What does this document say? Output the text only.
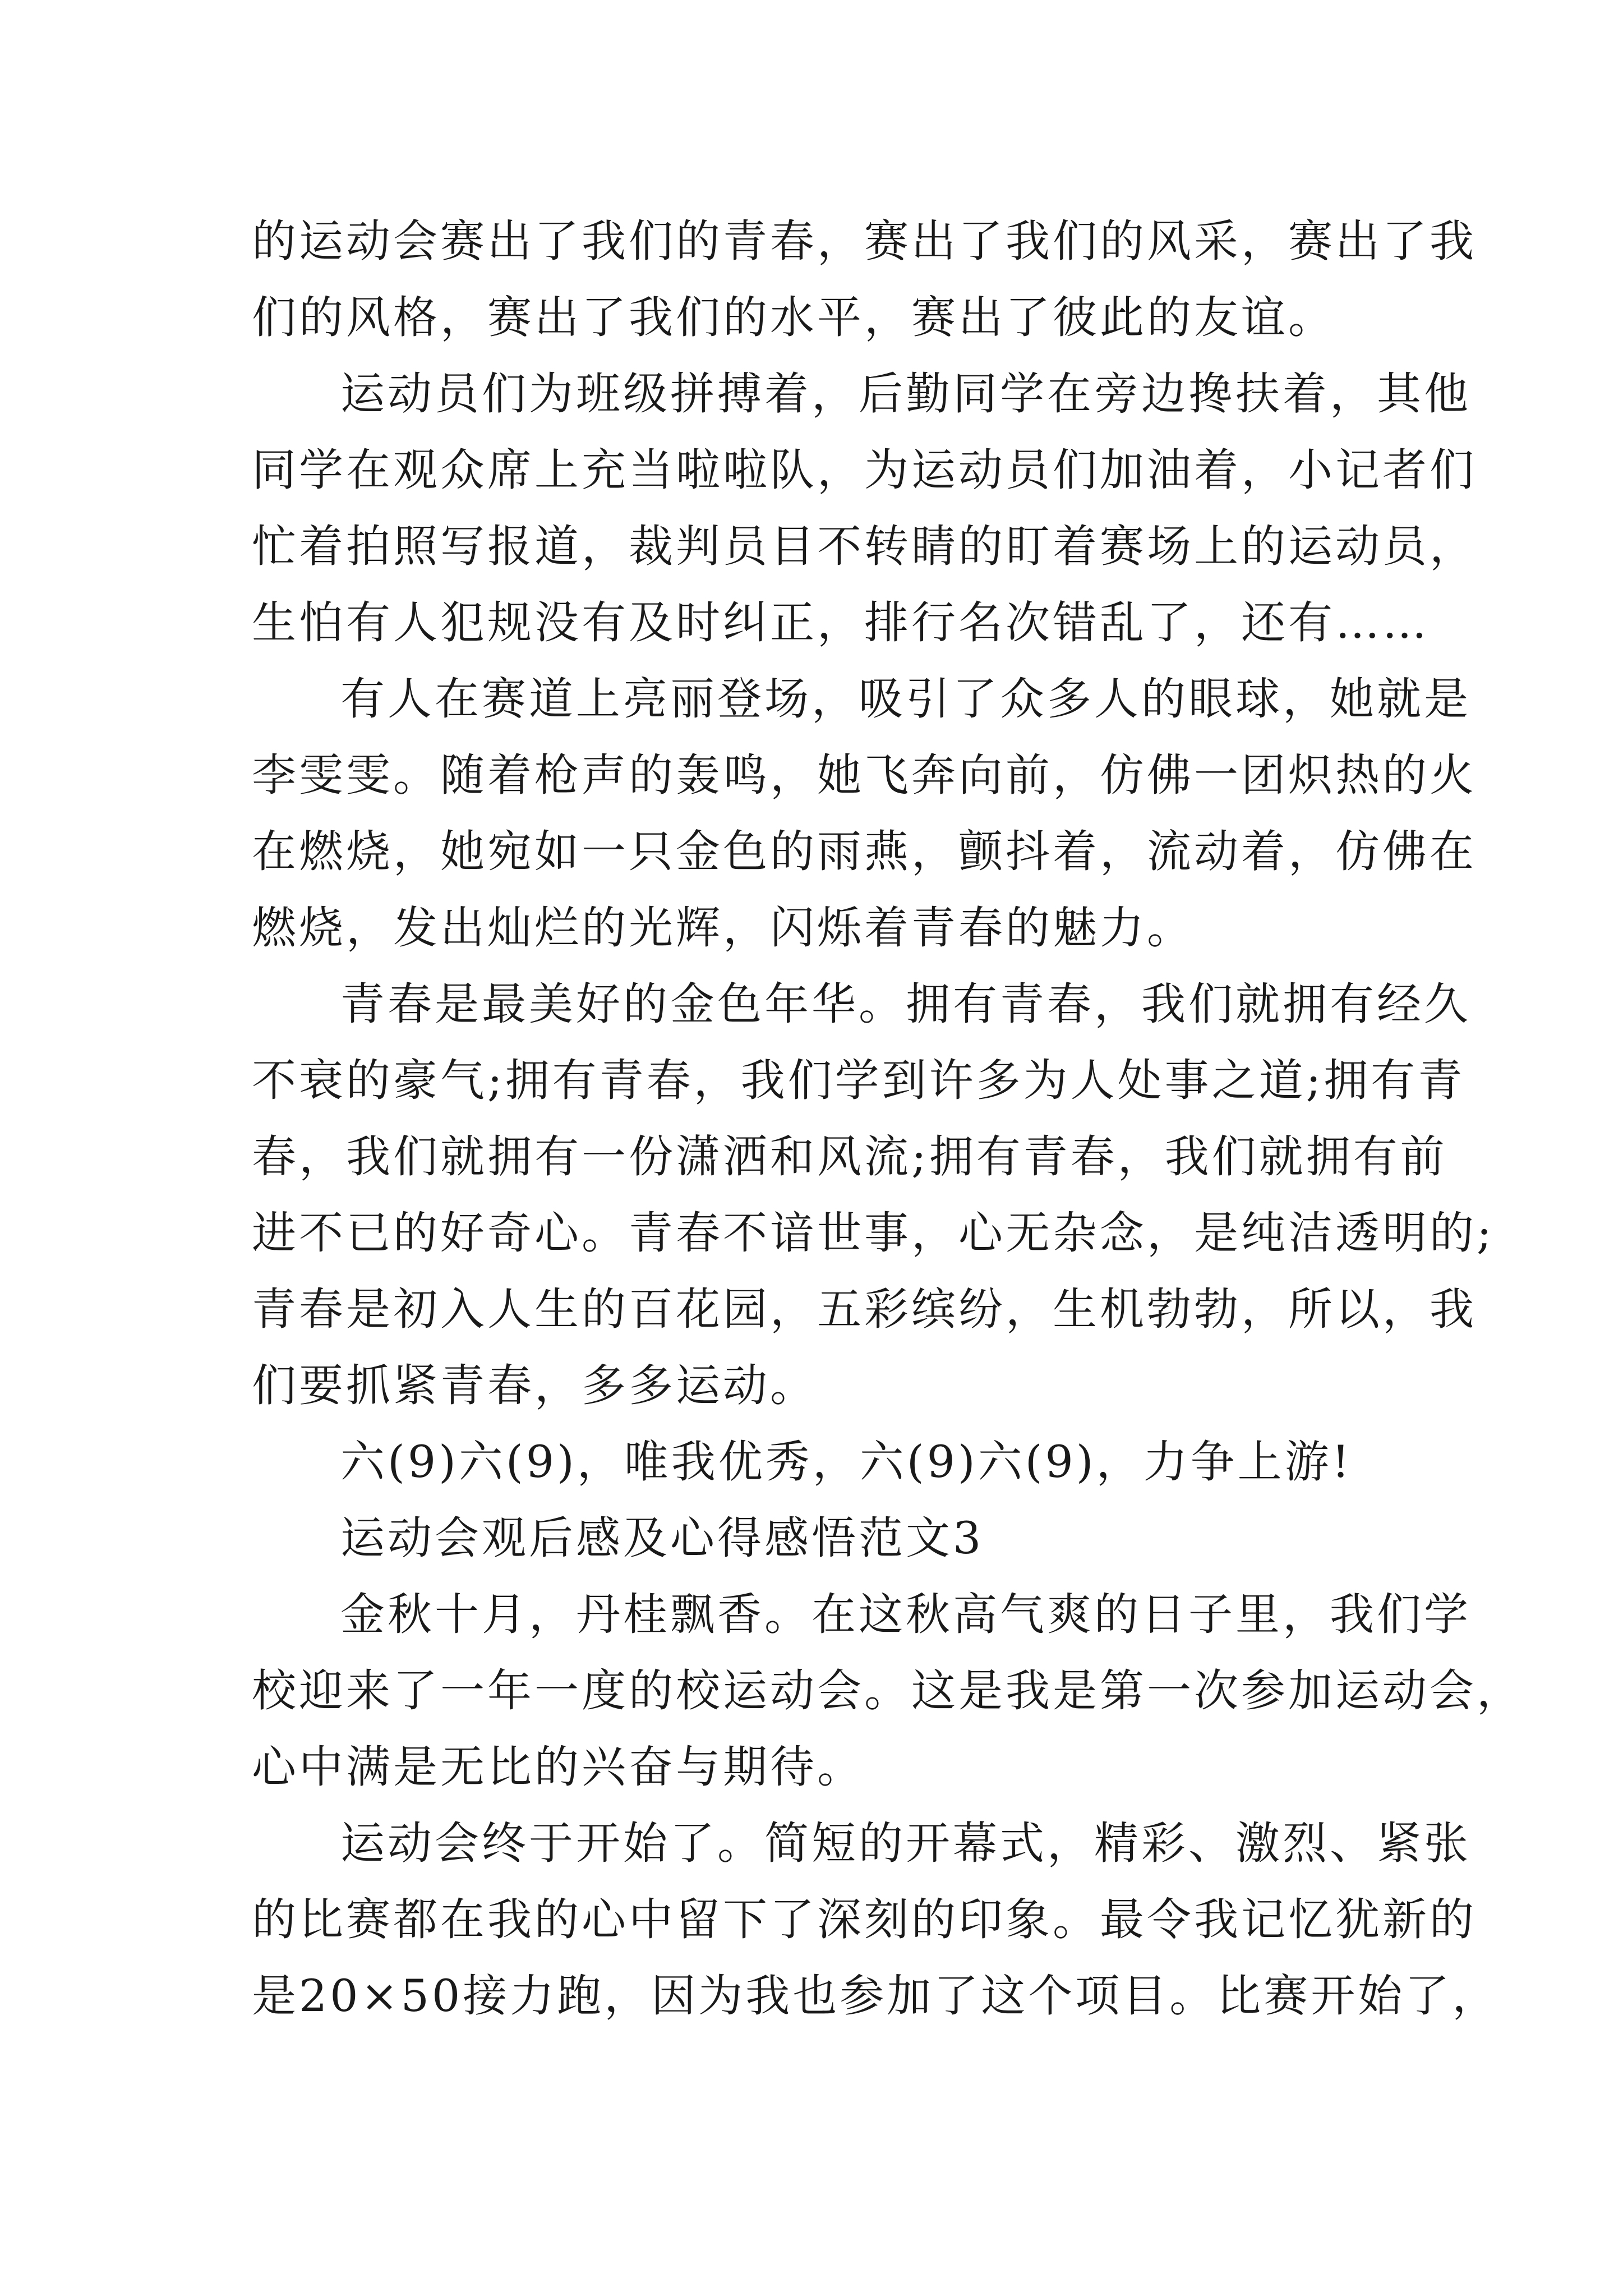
的运动会赛出了我们的青春，赛出了我们的风采，赛出了我
们的风格，赛出了我们的水平，赛出了彼此的友谊。
运动员们为班级拼搏着，后勤同学在旁边搀扶着，其他
同学在观众席上充当啦啦队，为运动员们加油着，小记者们
忙着拍照写报道，裁判员目不转睛的盯着赛场上的运动员，
生怕有人犯规没有及时纠正，排行名次错乱了，还有……
有人在赛道上亮丽登场，吸引了众多人的眼球，她就是
李雯雯。随着枪声的轰鸣，她飞奔向前，仿佛一团炽热的火
在燃烧，她宛如一只金色的雨燕，颤抖着，流动着，仿佛在
燃烧，发出灿烂的光辉，闪烁着青春的魅力。
青春是最美好的金色年华。拥有青春，我们就拥有经久
不衰的豪气;拥有青春，我们学到许多为人处事之道;拥有青
春，我们就拥有一份潇洒和风流;拥有青春，我们就拥有前
进不已的好奇心。青春不谙世事，心无杂念，是纯洁透明的;
青春是初入人生的百花园，五彩缤纷，生机勃勃，所以，我
们要抓紧青春，多多运动。
六(9)六(9)，唯我优秀，六(9)六(9)，力争上游!
运动会观后感及心得感悟范文3
金秋十月，丹桂飘香。在这秋高气爽的日子里，我们学
校迎来了一年一度的校运动会。这是我是第一次参加运动会，
心中满是无比的兴奋与期待。
运动会终于开始了。简短的开幕式，精彩、激烈、紧张
的比赛都在我的心中留下了深刻的印象。最令我记忆犹新的
是20×50接力跑，因为我也参加了这个项目。比赛开始了，
